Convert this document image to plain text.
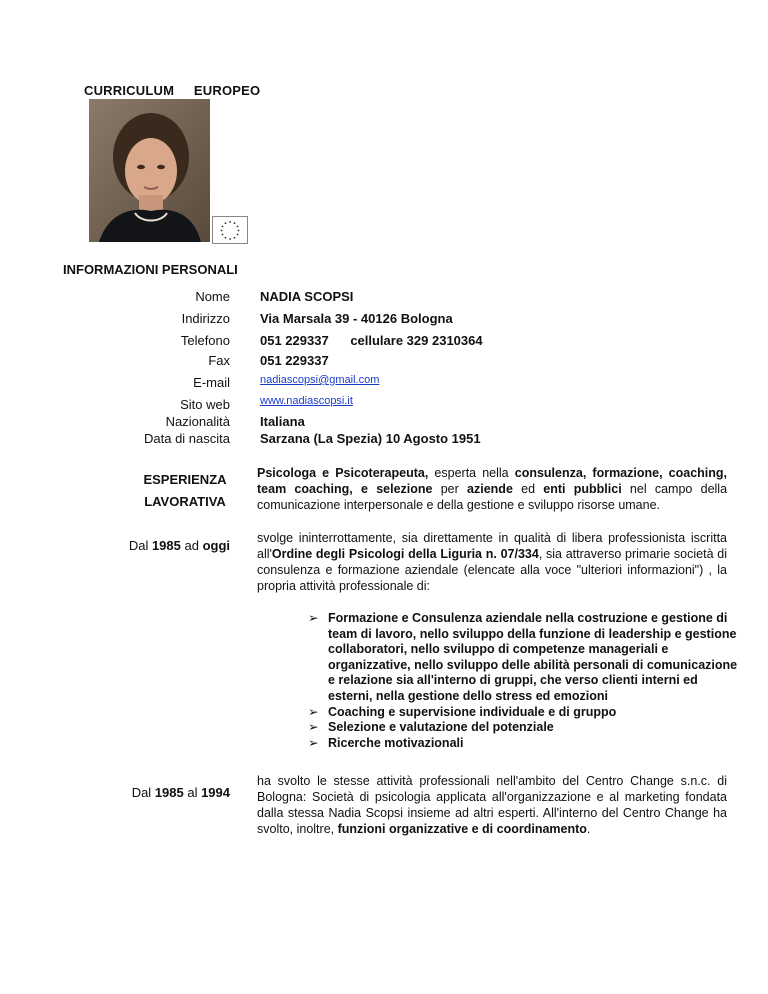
CURRICULUM EUROPEO
INFORMAZIONI PERSONALI
Nome NADIA SCOPSI
Indirizzo Via Marsala 39 - 40126 Bologna
Telefono 051 229337 cellulare 329 2310364
Fax 051 229337
E-mail	nadiascopsi@gmail.com
Sito web	www.nadiascopsi.it
Nazionalità Italiana
Data di nascita Sarzana (La Spezia) 10 Agosto 1951
ESPERIENZA
LAVORATIVA
Psicologa e Psicoterapeuta, esperta nella consulenza, formazione, coaching, team coaching, e selezione per aziende ed enti pubblici nel campo della comunicazione interpersonale e della gestione e sviluppo risorse umane.
Dal 1985 ad oggi svolge ininterrottamente, sia direttamente in qualità di libera professionista iscritta all'Ordine degli Psicologi della Liguria n. 07/334, sia attraverso primarie società di consulenza e formazione aziendale (elencate alla voce "ulteriori informazioni") , la propria attività professionale di:
➢ Formazione e Consulenza aziendale nella costruzione e gestione di team di lavoro, nello sviluppo della funzione di leadership e gestione collaboratori, nello sviluppo di competenze manageriali e organizzative, nello sviluppo delle abilità personali di comunicazione e relazione sia all'interno di gruppi, che verso clienti interni ed esterni, nella gestione dello stress ed emozioni
➢ Coaching e supervisione individuale e di gruppo
➢ Selezione e valutazione del potenziale
➢ Ricerche motivazionali
Dal 1985 al 1994
ha svolto le stesse attività professionali nell'ambito del Centro Change s.n.c. di Bologna: Società di psicologia applicata all'organizzazione e al marketing fondata dalla stessa Nadia Scopsi insieme ad altri esperti. All'interno del Centro Change ha svolto, inoltre, funzioni organizzative e di coordinamento.
